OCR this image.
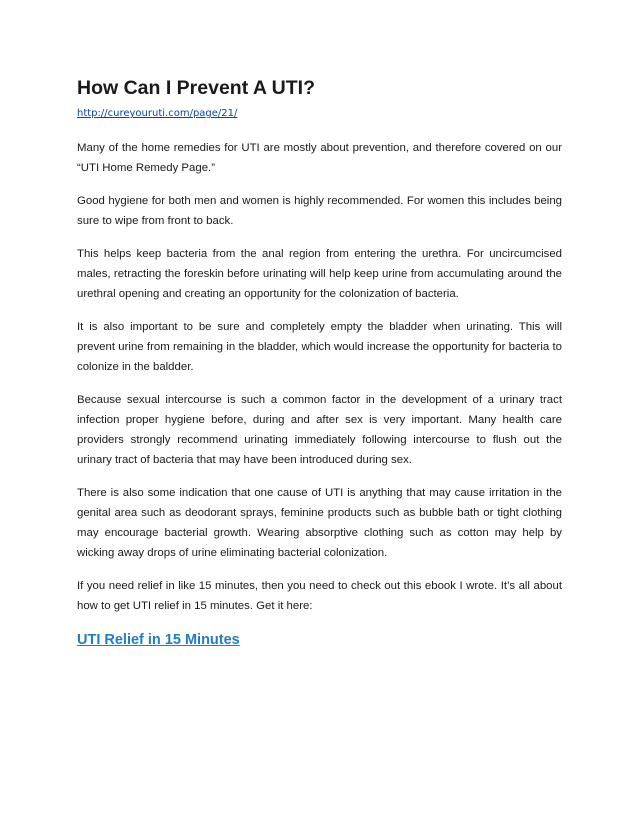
How Can I Prevent A UTI?
http://cureyouruti.com/page/21/

Many of the home remedies for UTI are mostly about prevention, and therefore covered on our “UTI Home Remedy Page.”

Good hygiene for both men and women is highly recommended. For women this includes being sure to wipe from front to back.

This helps keep bacteria from the anal region from entering the urethra. For uncircumcised males, retracting the foreskin before urinating will help keep urine from accumulating around the urethral opening and creating an opportunity for the colonization of bacteria.

It is also important to be sure and completely empty the bladder when urinating. This will prevent urine from remaining in the bladder, which would increase the opportunity for bacteria to colonize in the baldder.

Because sexual intercourse is such a common factor in the development of a urinary tract infection proper hygiene before, during and after sex is very important. Many health care providers strongly recommend urinating immediately following intercourse to flush out the urinary tract of bacteria that may have been introduced during sex.

There is also some indication that one cause of UTI is anything that may cause irritation in the genital area such as deodorant sprays, feminine products such as bubble bath or tight clothing may encourage bacterial growth. Wearing absorptive clothing such as cotton may help by wicking away drops of urine eliminating bacterial colonization.

If you need relief in like 15 minutes, then you need to check out this ebook I wrote. It’s all about how to get UTI relief in 15 minutes. Get it here:

UTI Relief in 15 Minutes
